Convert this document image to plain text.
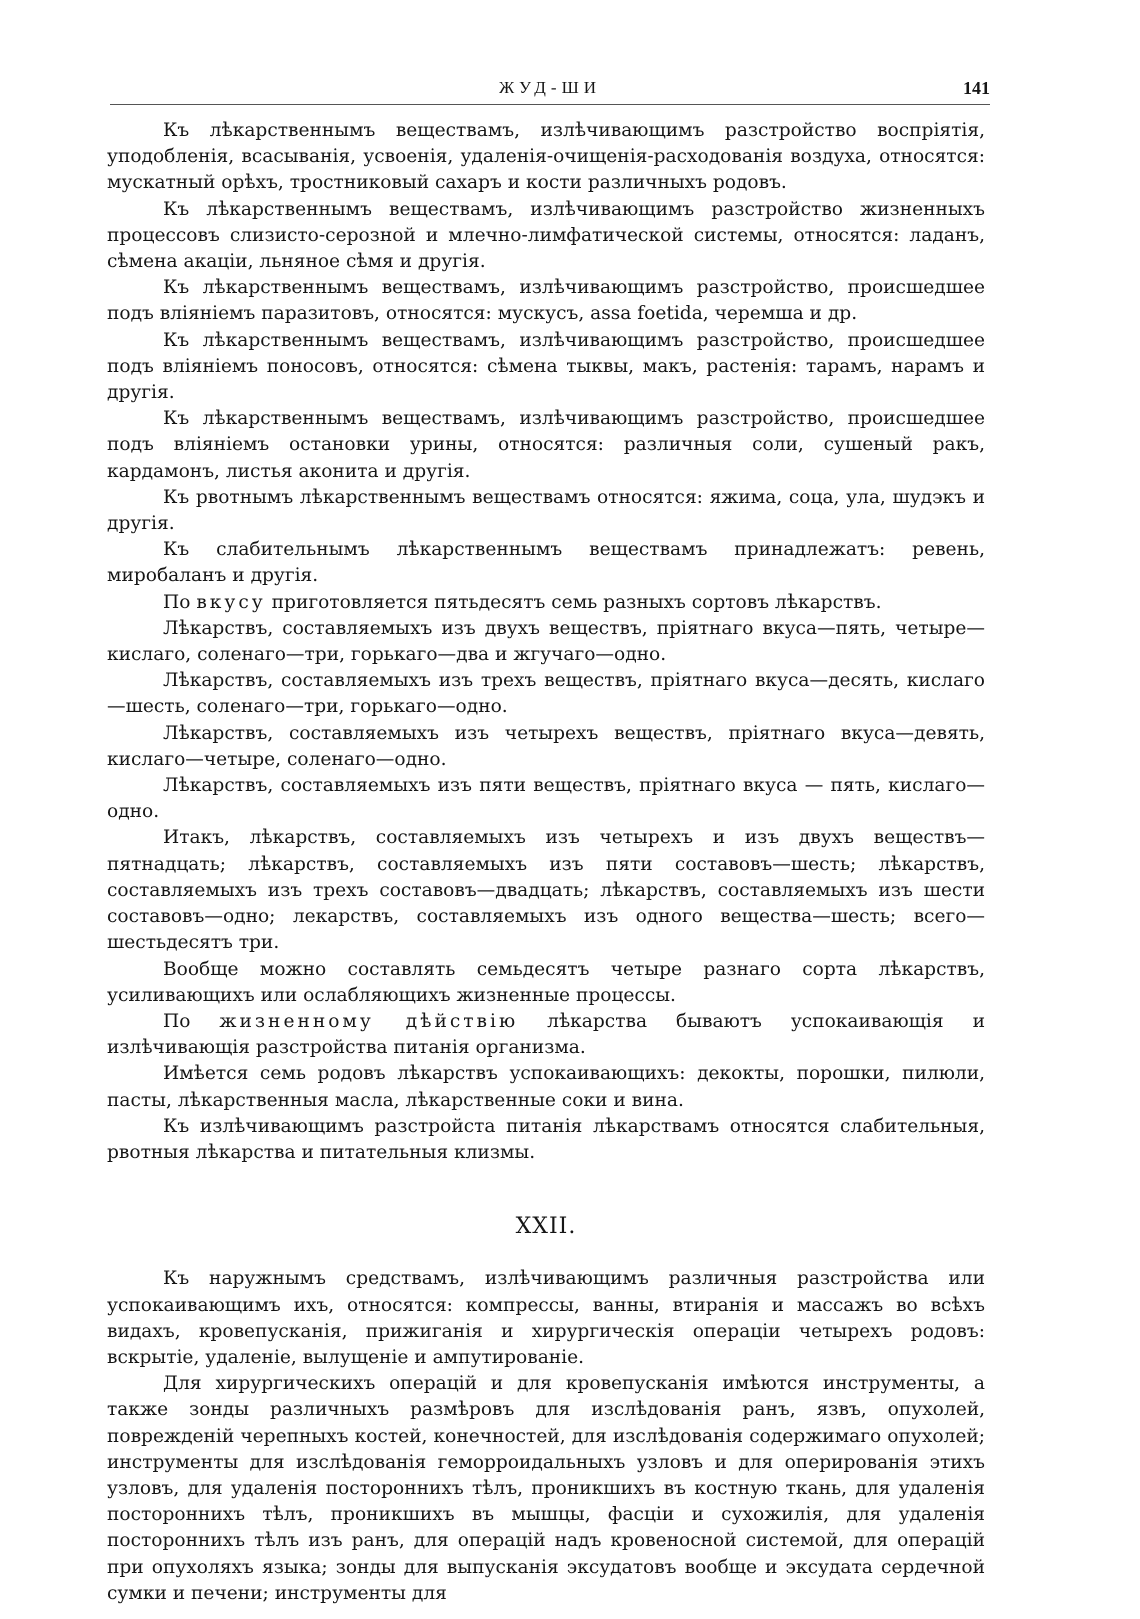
ЖУД-ШИ	141

Къ лѣкарственнымъ веществамъ, излѣчивающимъ разстройство воспріятія, уподобленія, всасыванія, усвоенія, удаленія-очищенія-расходованія воздуха, относятся: мускатный орѣхъ, тростниковый сахаръ и кости различныхъ родовъ.

Къ лѣкарственнымъ веществамъ, излѣчивающимъ разстройство жизненныхъ процессовъ слизисто-серозной и млечно-лимфатической системы, относятся: ладанъ, сѣмена акаціи, льняное сѣмя и другія.

Къ лѣкарственнымъ веществамъ, излѣчивающимъ разстройство, происшедшее подъ вліяніемъ паразитовъ, относятся: мускусъ, assa foetida, черемша и др.

Къ лѣкарственнымъ веществамъ, излѣчивающимъ разстройство, происшедшее подъ вліяніемъ поносовъ, относятся: сѣмена тыквы, макъ, растенія: тарамъ, нарамъ и другія.

Къ лѣкарственнымъ веществамъ, излѣчивающимъ разстройство, происшедшее подъ вліяніемъ остановки урины, относятся: различныя соли, сушеный ракъ, кардамонъ, листья аконита и другія.

Къ рвотнымъ лѣкарственнымъ веществамъ относятся: яжима, соца, ула, шудэкъ и другія.

Къ слабительнымъ лѣкарственнымъ веществамъ принадлежатъ: ревень, миробаланъ и другія.

По вкусу приготовляется пятьдесятъ семь разныхъ сортовъ лѣкарствъ.

Лѣкарствъ, составляемыхъ изъ двухъ веществъ, пріятнаго вкуса—пять, четыре—кислаго, соленаго—три, горькаго—два и жгучаго—одно.

Лѣкарствъ, составляемыхъ изъ трехъ веществъ, пріятнаго вкуса—десять, кислаго—шесть, соленаго—три, горькаго—одно.

Лѣкарствъ, составляемыхъ изъ четырехъ веществъ, пріятнаго вкуса—девять, кислаго—четыре, соленаго—одно.

Лѣкарствъ, составляемыхъ изъ пяти веществъ, пріятнаго вкуса — пять, кислаго—одно.

Итакъ, лѣкарствъ, составляемыхъ изъ четырехъ и изъ двухъ веществъ—пятнадцать; лѣкарствъ, составляемыхъ изъ пяти составовъ—шесть; лѣкарствъ, составляемыхъ изъ трехъ составовъ—двадцать; лѣкарствъ, составляемыхъ изъ шести составовъ—одно; лекарствъ, составляемыхъ изъ одного вещества—шесть; всего—шестьдесятъ три.

Вообще можно составлять семьдесятъ четыре разнаго сорта лѣкарствъ, усиливающихъ или ослабляющихъ жизненные процессы.

По жизненному дѣйствію лѣкарства бываютъ успокаивающія и излѣчивающія разстройства питанія организма.

Имѣется семь родовъ лѣкарствъ успокаивающихъ: декокты, порошки, пилюли, пасты, лѣкарственныя масла, лѣкарственные соки и вина.

Къ излѣчивающимъ разстройста питанія лѣкарствамъ относятся слабительныя, рвотныя лѣкарства и питательныя клизмы.

XXII.

Къ наружнымъ средствамъ, излѣчивающимъ различныя разстройства или успокаивающимъ ихъ, относятся: компрессы, ванны, втиранія и массажъ во всѣхъ видахъ, кровепусканія, прижиганія и хирургическія операціи четырехъ родовъ: вскрытіе, удаленіе, вылущеніе и ампутированіе.

Для хирургическихъ операцій и для кровепусканія имѣются инструменты, а также зонды различныхъ размѣровъ для изслѣдованія ранъ, язвъ, опухолей, поврежденій черепныхъ костей, конечностей, для изслѣдованія содержимаго опухолей; инструменты для изслѣдованія геморроидальныхъ узловъ и для оперированія этихъ узловъ, для удаленія постороннихъ тѣлъ, проникшихъ въ костную ткань, для удаленія постороннихъ тѣлъ, проникшихъ въ мышцы, фасціи и сухожилія, для удаленія постороннихъ тѣлъ изъ ранъ, для операцій надъ кровеносной системой, для операцій при опухоляхъ языка; зонды для выпусканія эксудатовъ вообще и эксудата сердечной сумки и печени; инструменты для
